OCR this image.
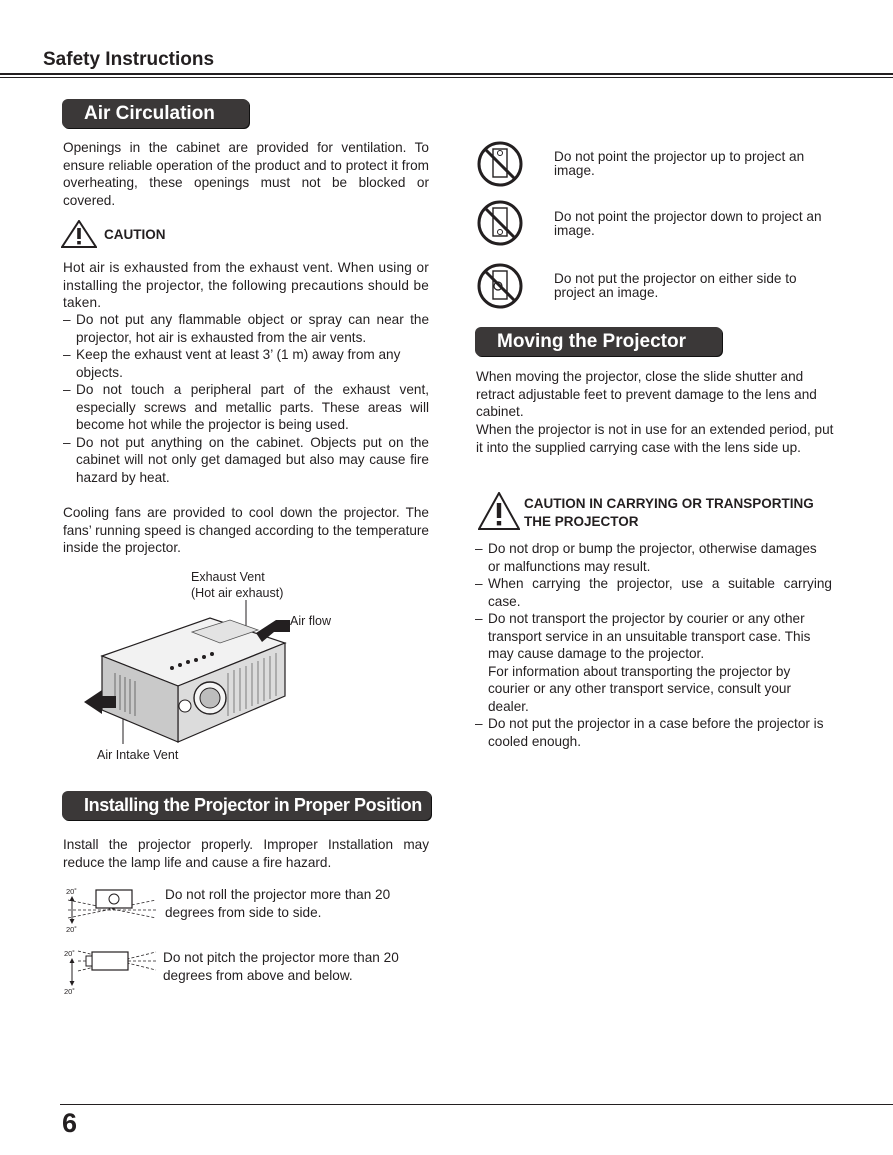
Safety Instructions
Air Circulation
Openings in the cabinet are provided for ventilation. To ensure reliable operation of the product and to protect it from overheating, these openings must not be blocked or covered.
CAUTION
Hot air is exhausted from the exhaust vent. When using or installing the projector, the following precautions should be taken.
– Do not put any flammable object or spray can near the projector, hot air is exhausted from the air vents.
– Keep the exhaust vent at least 3’ (1 m) away from any objects.
– Do not touch a peripheral part of the exhaust vent, especially screws and metallic parts. These areas will become hot while the projector is being used.
– Do not put anything on the cabinet. Objects put on the cabinet will not only get damaged but also may cause fire hazard by heat.
Cooling fans are provided to cool down the projector. The fans’ running speed is changed according to the temperature inside the projector.
Exhaust Vent
(Hot air exhaust)
Air flow
Air Intake Vent
Installing the Projector in Proper Position
Install the projector properly. Improper Installation may reduce the lamp life and cause a fire hazard.
20˚
20˚
Do not roll the projector more than 20 degrees from side to side.
20˚
20˚
Do not pitch the projector more than 20 degrees from above and below.
Do not point the projector up to project an image.
Do not point the projector down to project an image.
Do not put the projector on either side to project an image.
Moving the Projector
When moving the projector, close the slide shutter and retract adjustable feet to prevent damage to the lens and cabinet.
When the projector is not in use for an extended period, put it into the supplied carrying case with the lens side up.
CAUTION IN CARRYING OR TRANSPORTING
THE PROJECTOR
– Do not drop or bump the projector, otherwise damages or malfunctions may result.
– When carrying the projector, use a suitable carrying case.
– Do not transport the projector by courier or any other transport service in an unsuitable transport case. This may cause damage to the projector.
For information about transporting the projector by courier or any other transport service, consult your dealer.
– Do not put the projector in a case before the projector is cooled enough.
6
